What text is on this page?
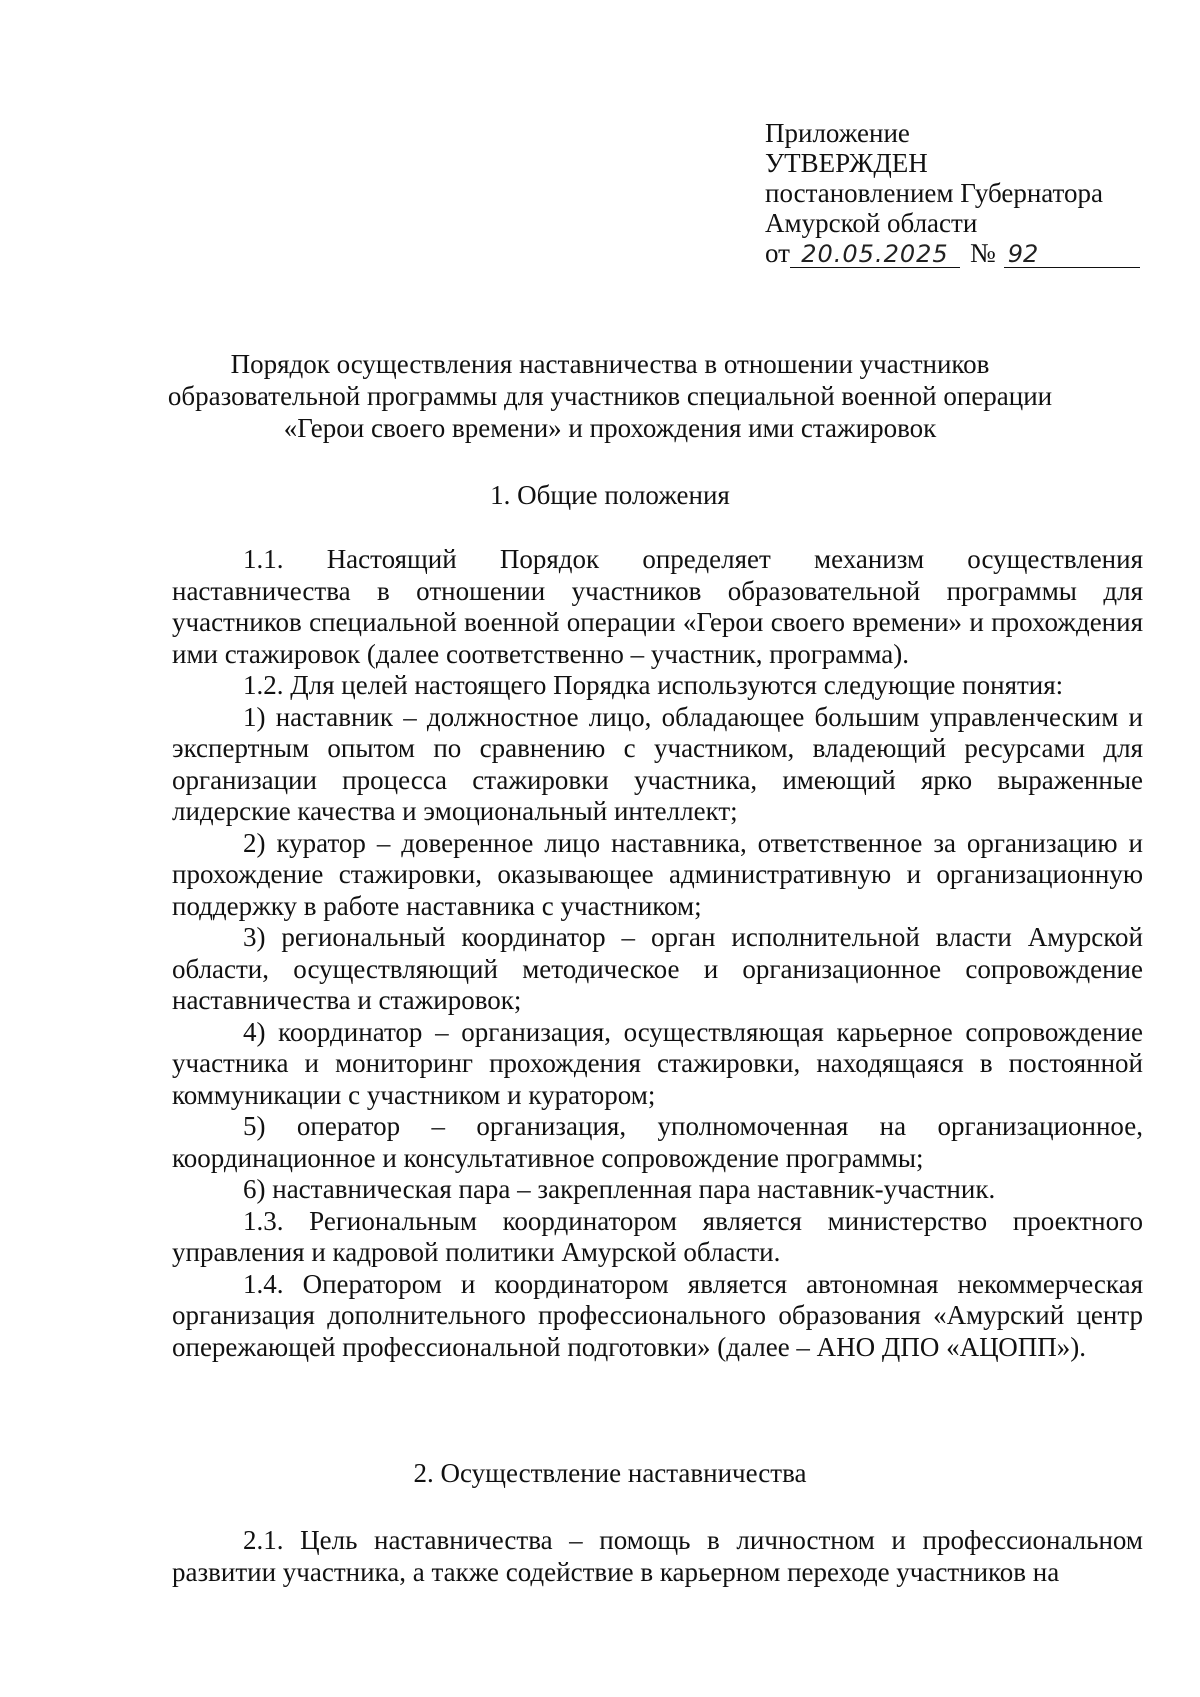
Приложение
УТВЕРЖДЕН
постановлением Губернатора
Амурской области
от 20.05.2025 № 92
Порядок осуществления наставничества в отношении участников
образовательной программы для участников специальной военной операции
«Герои своего времени» и прохождения ими стажировок
1. Общие положения

1.1. Настоящий Порядок определяет механизм осуществления наставничества в отношении участников образовательной программы для участников специальной военной операции «Герои своего времени» и прохождения ими стажировок (далее соответственно – участник, программа).

1.2. Для целей настоящего Порядка используются следующие понятия:

1) наставник – должностное лицо, обладающее большим управленческим и экспертным опытом по сравнению с участником, владеющий ресурсами для организации процесса стажировки участника, имеющий ярко выраженные лидерские качества и эмоциональный интеллект;

2) куратор – доверенное лицо наставника, ответственное за организацию и прохождение стажировки, оказывающее административную и организационную поддержку в работе наставника с участником;

3) региональный координатор – орган исполнительной власти Амурской области, осуществляющий методическое и организационное сопровождение наставничества и стажировок;

4) координатор – организация, осуществляющая карьерное сопровождение участника и мониторинг прохождения стажировки, находящаяся в постоянной коммуникации с участником и куратором;

5) оператор – организация, уполномоченная на организационное, координационное и консультативное сопровождение программы;

6) наставническая пара – закрепленная пара наставник-участник.

1.3. Региональным координатором является министерство проектного управления и кадровой политики Амурской области.

1.4. Оператором и координатором является автономная некоммерческая организация дополнительного профессионального образования «Амурский центр опережающей профессиональной подготовки» (далее – АНО ДПО «АЦОПП»).

2. Осуществление наставничества

2.1. Цель наставничества – помощь в личностном и профессиональном развитии участника, а также содействие в карьерном переходе участников на
